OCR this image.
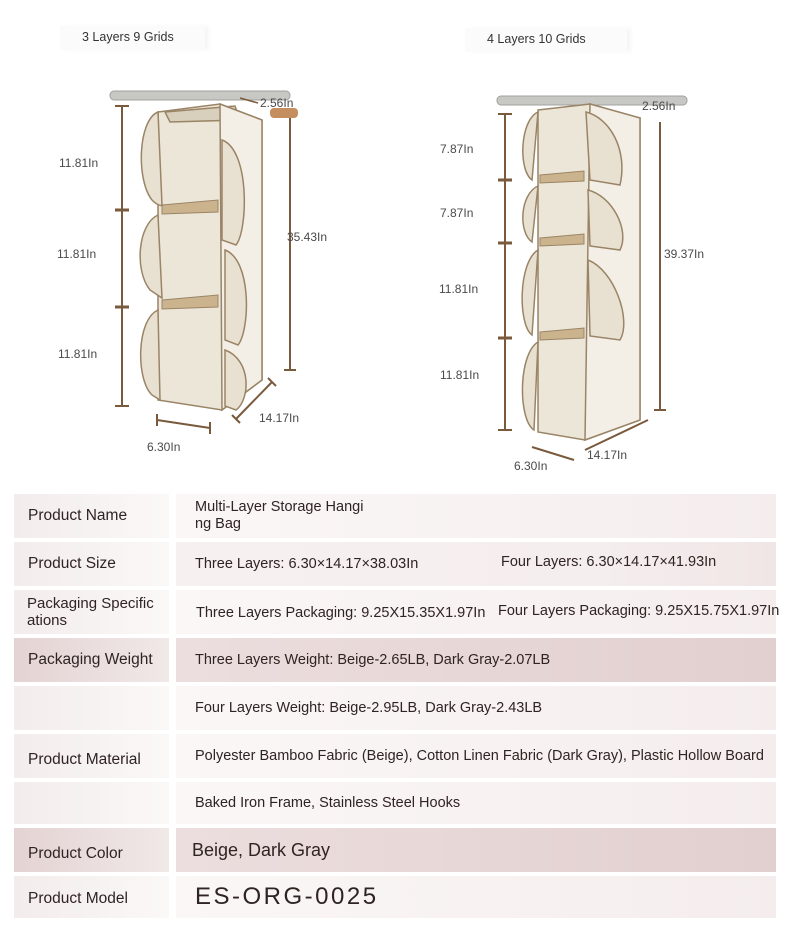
3 Layers 9 Grids	4 Layers 10 Grids
2.56In
11.81In
11.81In
11.81In
35.43In
14.17In
6.30In
2.56In
7.87In
7.87In
11.81In
11.81In
39.37In
14.17In
6.30In
Product Name	Multi-Layer Storage Hanging Bag
Product Size	Three Layers: 6.30×14.17×38.03In	Four Layers: 6.30×14.17×41.93In
Packaging Specifications	Three Layers Packaging: 9.25X15.35X1.97In Four Layers Packaging: 9.25X15.75X1.97In
Packaging Weight	Three Layers Weight: Beige-2.65LB, Dark Gray-2.07LB
Four Layers Weight: Beige-2.95LB, Dark Gray-2.43LB
Product Material	Polyester Bamboo Fabric (Beige), Cotton Linen Fabric (Dark Gray), Plastic Hollow Board
Baked Iron Frame, Stainless Steel Hooks
Product Color	Beige, Dark Gray
Product Model	ES-ORG-0025
